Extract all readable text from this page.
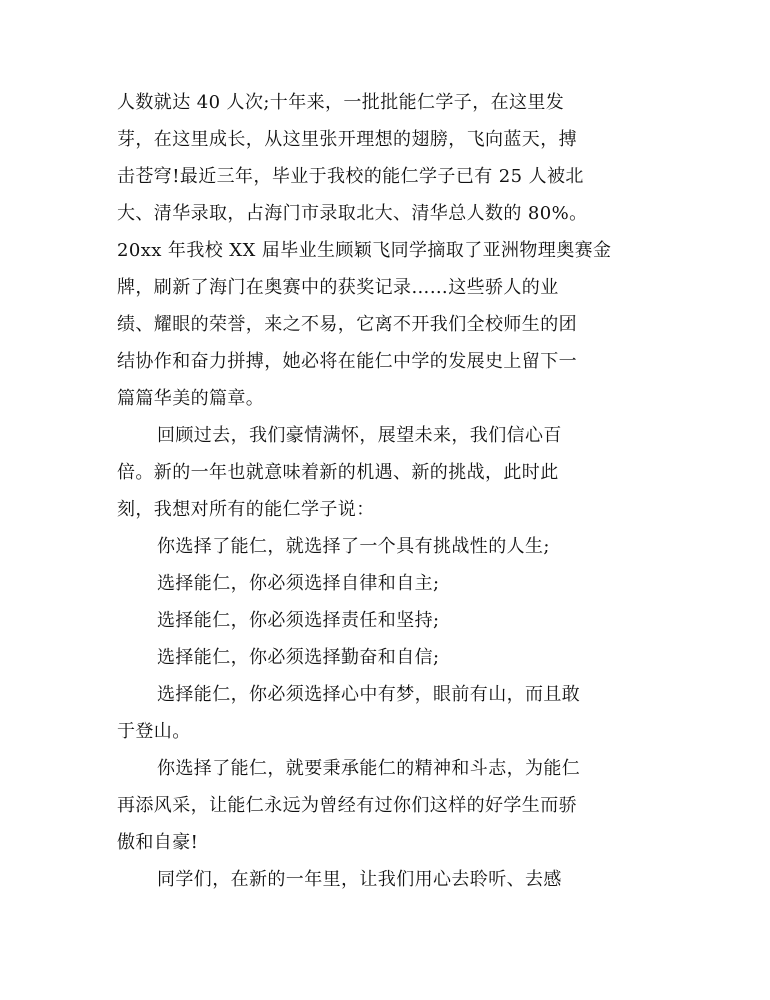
人数就达 40 人次;十年来，一批批能仁学子，在这里发
芽，在这里成长，从这里张开理想的翅膀，飞向蓝天，搏
击苍穹!最近三年，毕业于我校的能仁学子已有 25 人被北
大、清华录取，占海门市录取北大、清华总人数的 80%。
20xx 年我校 XX 届毕业生顾颖飞同学摘取了亚洲物理奥赛金
牌，刷新了海门在奥赛中的获奖记录……这些骄人的业
绩、耀眼的荣誉，来之不易，它离不开我们全校师生的团
结协作和奋力拼搏，她必将在能仁中学的发展史上留下一
篇篇华美的篇章。
回顾过去，我们豪情满怀，展望未来，我们信心百
倍。新的一年也就意味着新的机遇、新的挑战，此时此
刻，我想对所有的能仁学子说：
你选择了能仁，就选择了一个具有挑战性的人生;
选择能仁，你必须选择自律和自主;
选择能仁，你必须选择责任和坚持;
选择能仁，你必须选择勤奋和自信;
选择能仁，你必须选择心中有梦，眼前有山，而且敢
于登山。
你选择了能仁，就要秉承能仁的精神和斗志，为能仁
再添风采，让能仁永远为曾经有过你们这样的好学生而骄
傲和自豪!
同学们，在新的一年里，让我们用心去聆听、去感
